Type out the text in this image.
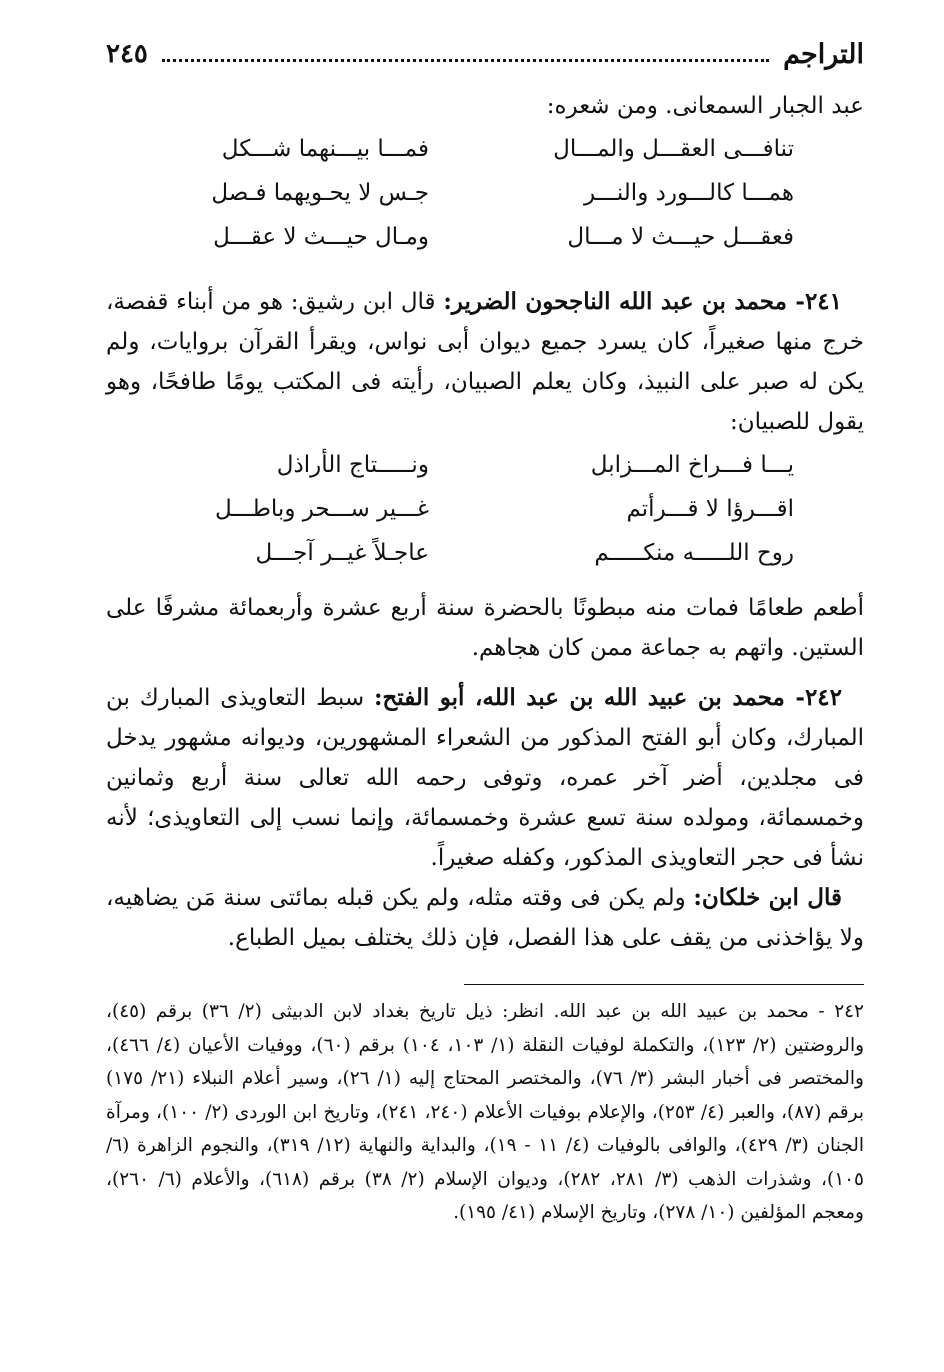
التراجم
٢٤٥
عبد الجبار السمعانى. ومن شعره:
تنافـــى العقـــل والمـــال
فمـــا بيـــنهما شـــكل
همـــا كالـــورد والنـــر
جـس لا يحـويهما فـصل
فعقـــل حيـــث لا مـــال
ومـال حيـــث لا عقـــل

٢٤١- محمد بن عبد الله الناجحون الضرير: قال ابن رشيق: هو من أبناء قفصة، خرج منها صغيراً، كان يسرد جميع ديوان أبى نواس، ويقرأ القرآن بروايات، ولم يكن له صبر على النبيذ، وكان يعلم الصبيان، رأيته فى المكتب يومًا طافحًا، وهو يقول للصبيان:

يـــا فـــراخ المـــزابل
ونـــــتاج الأراذل
اقـــرؤا لا قـــرأتم
غـــير ســـحر وباطـــل
روح اللـــــه منكـــــم
عاجـلاً غيــر آجـــل

أطعم طعامًا فمات منه مبطونًا بالحضرة سنة أربع عشرة وأربعمائة مشرفًا على الستين. واتهم به جماعة ممن كان هجاهم.

٢٤٢- محمد بن عبيد الله بن عبد الله، أبو الفتح: سبط التعاويذى المبارك بن المبارك، وكان أبو الفتح المذكور من الشعراء المشهورين، وديوانه مشهور يدخل فى مجلدين، أضر آخر عمره، وتوفى رحمه الله تعالى سنة أربع وثمانين وخمسمائة، ومولده سنة تسع عشرة وخمسمائة، وإنما نسب إلى التعاويذى؛ لأنه نشأ فى حجر التعاويذى المذكور، وكفله صغيراً.

قال ابن خلكان: ولم يكن فى وقته مثله، ولم يكن قبله بمائتى سنة مَن يضاهيه، ولا يؤاخذنى من يقف على هذا الفصل، فإن ذلك يختلف بميل الطباع.

٢٤٢ - محمد بن عبيد الله بن عبد الله. انظر: ذيل تاريخ بغداد لابن الدبيثى (٢/ ٣٦) برقم (٤٥)، والروضتين (٢/ ١٢٣)، والتكملة لوفيات النقلة (١/ ١٠٣، ١٠٤) برقم (٦٠)، ووفيات الأعيان (٤/ ٤٦٦)، والمختصر فى أخبار البشر (٣/ ٧٦)، والمختصر المحتاج إليه (١/ ٢٦)، وسير أعلام النبلاء (٢١/ ١٧٥) برقم (٨٧)، والعبر (٤/ ٢٥٣)، والإعلام بوفيات الأعلام (٢٤٠، ٢٤١)، وتاريخ ابن الوردى (٢/ ١٠٠)، ومرآة الجنان (٣/ ٤٢٩)، والوافى بالوفيات (٤/ ١١ - ١٩)، والبداية والنهاية (١٢/ ٣١٩)، والنجوم الزاهرة (٦/ ١٠٥)، وشذرات الذهب (٣/ ٢٨١، ٢٨٢)، وديوان الإسلام (٢/ ٣٨) برقم (٦١٨)، والأعلام (٦/ ٢٦٠)، ومعجم المؤلفين (١٠/ ٢٧٨)، وتاريخ الإسلام (٤١/ ١٩٥).
